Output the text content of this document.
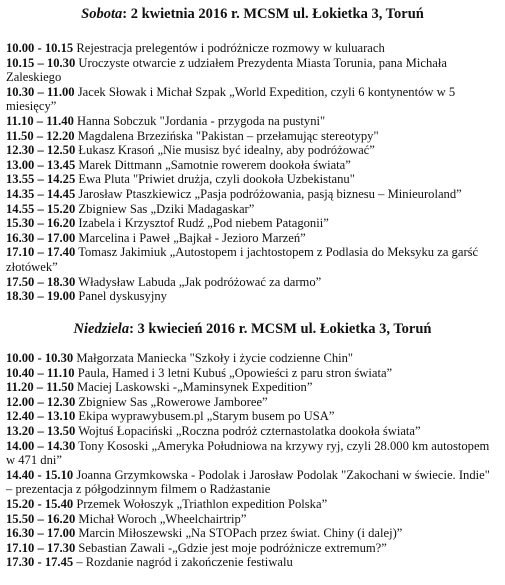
Sobota: 2 kwietnia 2016 r. MCSM ul. Łokietka 3, Toruń

10.00 - 10.15 Rejestracja prelegentów i podróżnicze rozmowy w kuluarach

10.15 – 10.30 Uroczyste otwarcie z udziałem Prezydenta Miasta Torunia, pana Michała Zaleskiego

10.30 – 11.00 Jacek Słowak i Michał Szpak „World Expedition, czyli 6 kontynentów w 5 miesięcy”

11.10 – 11.40 Hanna Sobczuk "Jordania - przygoda na pustyni"

11.50 – 12.20 Magdalena Brzezińska "Pakistan – przełamując stereotypy"

12.30 – 12.50 Łukasz Krasoń „Nie musisz być idealny, aby podróżować”

13.00 – 13.45 Marek Dittmann „Samotnie rowerem dookoła świata”

13.55 – 14.25 Ewa Pluta "Priwiet drużja, czyli dookoła Uzbekistanu"

14.35 – 14.45 Jarosław Ptaszkiewicz „Pasja podróżowania, pasją biznesu – Minieuroland”

14.55 – 15.20 Zbigniew Sas „Dziki Madagaskar”

15.30 – 16.20 Izabela i Krzysztof Rudź „Pod niebem Patagonii”

16.30 – 17.00 Marcelina i Paweł „Bajkał - Jezioro Marzeń”

17.10 – 17.40 Tomasz Jakimiuk „Autostopem i jachtostopem z Podlasia do Meksyku za garść złotówek”

17.50 – 18.30 Władysław Labuda „Jak podróżować za darmo”

18.30 – 19.00 Panel dyskusyjny

Niedziela: 3 kwiecień 2016 r. MCSM ul. Łokietka 3, Toruń

10.00 - 10.30 Małgorzata Maniecka "Szkoły i życie codzienne Chin"

10.40 – 11.10 Paula, Hamed i 3 letni Kubuś „Opowieści z paru stron świata”

11.20 – 11.50 Maciej Laskowski -„Maminsynek Expedition”

12.00 – 12.30 Zbigniew Sas „Rowerowe Jamboree”

12.40 – 13.10 Ekipa wyprawybusem.pl „Starym busem po USA”

13.20 – 13.50 Wojtuś Łopaciński „Roczna podróż czternastolatka dookoła świata”

14.00 – 14.30 Tony Kososki „Ameryka Południowa na krzywy ryj, czyli 28.000 km autostopem w 471 dni”

14.40 - 15.10 Joanna Grzymkowska - Podolak i Jarosław Podolak "Zakochani w świecie. Indie" – prezentacja z półgodzinnym filmem o Radżastanie

15.20 - 15.40 Przemek Wołoszyk „Triathlon expedition Polska”

15.50 – 16.20 Michał Woroch „Wheelchairtrip”

16.30 – 17.00 Marcin Miłoszewski „Na STOPach przez świat. Chiny (i dalej)”

17.10 – 17.30 Sebastian Zawali -„Gdzie jest moje podróżnicze extremum?”

17.30 - 17.45 – Rozdanie nagród i zakończenie festiwalu
